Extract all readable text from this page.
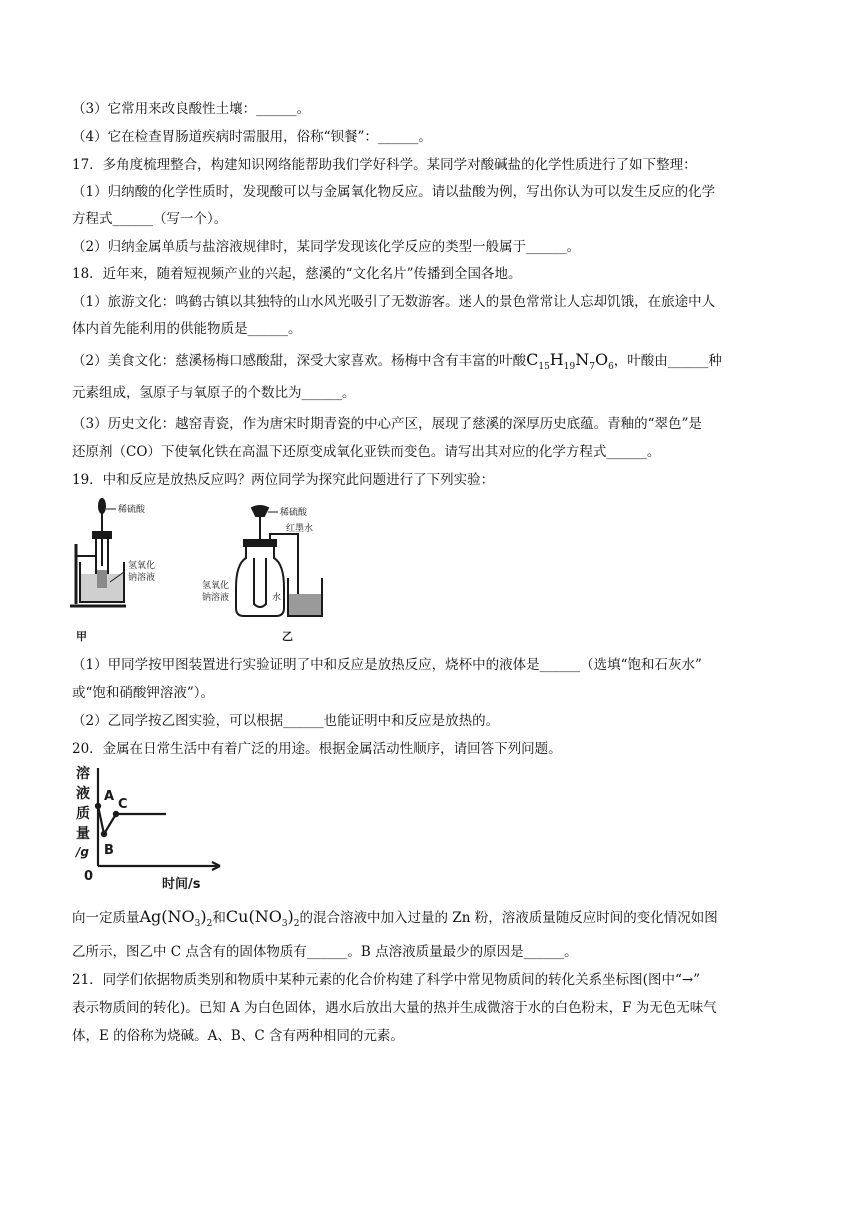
（3）它常用来改良酸性土壤：______。
（4）它在检查胃肠道疾病时需服用，俗称“钡餐”：______。
17．多角度梳理整合，构建知识网络能帮助我们学好科学。某同学对酸碱盐的化学性质进行了如下整理：
（1）归纳酸的化学性质时，发现酸可以与金属氧化物反应。请以盐酸为例，写出你认为可以发生反应的化学
方程式______（写一个）。
（2）归纳金属单质与盐溶液规律时，某同学发现该化学反应的类型一般属于______。
18．近年来，随着短视频产业的兴起，慈溪的“文化名片”传播到全国各地。
（1）旅游文化：鸣鹤古镇以其独特的山水风光吸引了无数游客。迷人的景色常常让人忘却饥饿，在旅途中人
体内首先能利用的供能物质是______。
（2）美食文化：慈溪杨梅口感酸甜，深受大家喜欢。杨梅中含有丰富的叶酸$C_{15}H_{19}N_7O_6$，叶酸由______种
元素组成，氢原子与氧原子的个数比为______。
（3）历史文化：越窑青瓷，作为唐宋时期青瓷的中心产区，展现了慈溪的深厚历史底蕴。青釉的“翠色”是
还原剂（CO）下使氧化铁在高温下还原变成氧化亚铁而变色。请写出其对应的化学方程式______。
19．中和反应是放热反应吗？两位同学为探究此问题进行了下列实验：
稀硫酸
氢氧化
钠溶液
甲
稀硫酸
红墨水
氢氧化
钠溶液	水
乙
（1）甲同学按甲图装置进行实验证明了中和反应是放热反应，烧杯中的液体是______（选填“饱和石灰水”
或“饱和硝酸钾溶液”）。
（2）乙同学按乙图实验，可以根据______也能证明中和反应是放热的。
20．金属在日常生活中有着广泛的用途。根据金属活动性顺序，请回答下列问题。
溶
液
质
量
/g
A
B
C
0
时间/s
向一定质量$Ag(NO_3)_2$和$Cu(NO_3)_2$的混合溶液中加入过量的 Zn 粉，溶液质量随反应时间的变化情况如图
乙所示，图乙中 C 点含有的固体物质有______。B 点溶液质量最少的原因是______。
21．同学们依据物质类别和物质中某种元素的化合价构建了科学中常见物质间的转化关系坐标图(图中“→”
表示物质间的转化)。已知 A 为白色固体，遇水后放出大量的热并生成微溶于水的白色粉末，F 为无色无味气
体，E 的俗称为烧碱。A、B、C 含有两种相同的元素。
